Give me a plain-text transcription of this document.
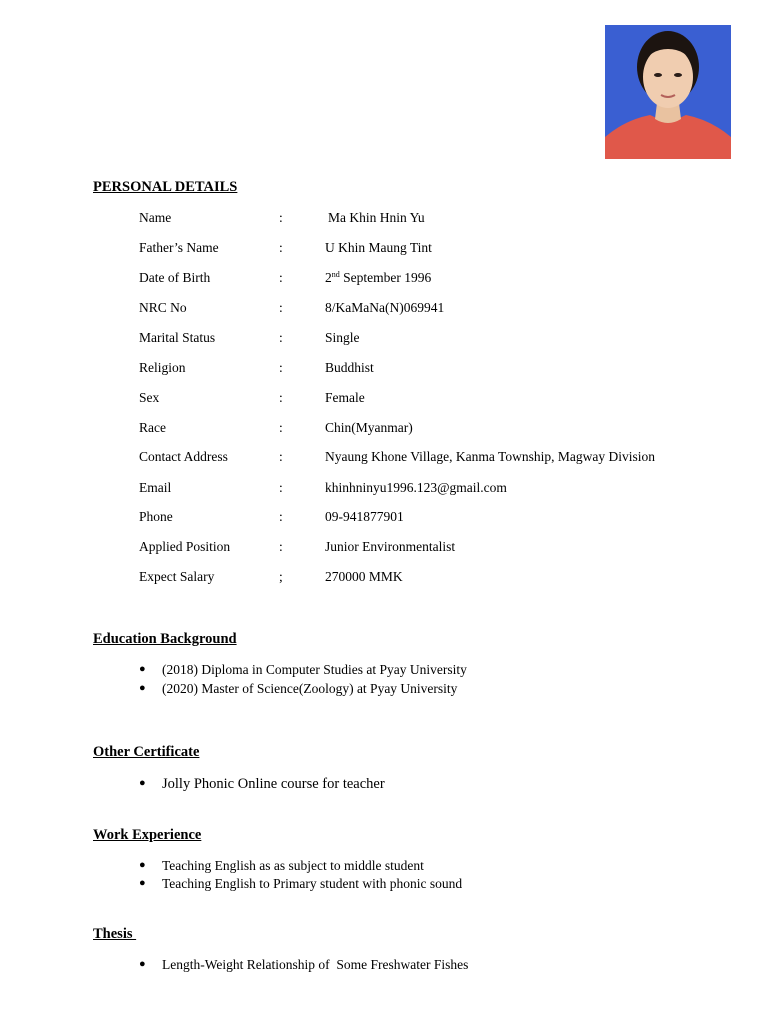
PERSONAL DETAILS
Name	:	Ma Khin Hnin Yu
Father’s Name	:	U Khin Maung Tint
Date of Birth	:	2nd September 1996
NRC No	:	8/KaMaNa(N)069941
Marital Status	:	Single
Religion	:	Buddhist
Sex	:	Female
Race	:	Chin(Myanmar)
Contact Address	:	Nyaung Khone Village, Kanma Township, Magway Division
Email	:	khinhninyu1996.123@gmail.com
Phone	:	09-941877901
Applied Position	:	Junior Environmentalist
Expect Salary	;	270000 MMK
Education Background
● (2018) Diploma in Computer Studies at Pyay University
● (2020) Master of Science(Zoology) at Pyay University
Other Certificate
● Jolly Phonic Online course for teacher
Work Experience
● Teaching English as as subject to middle student
● Teaching English to Primary student with phonic sound
Thesis
● Length-Weight Relationship of  Some Freshwater Fishes
